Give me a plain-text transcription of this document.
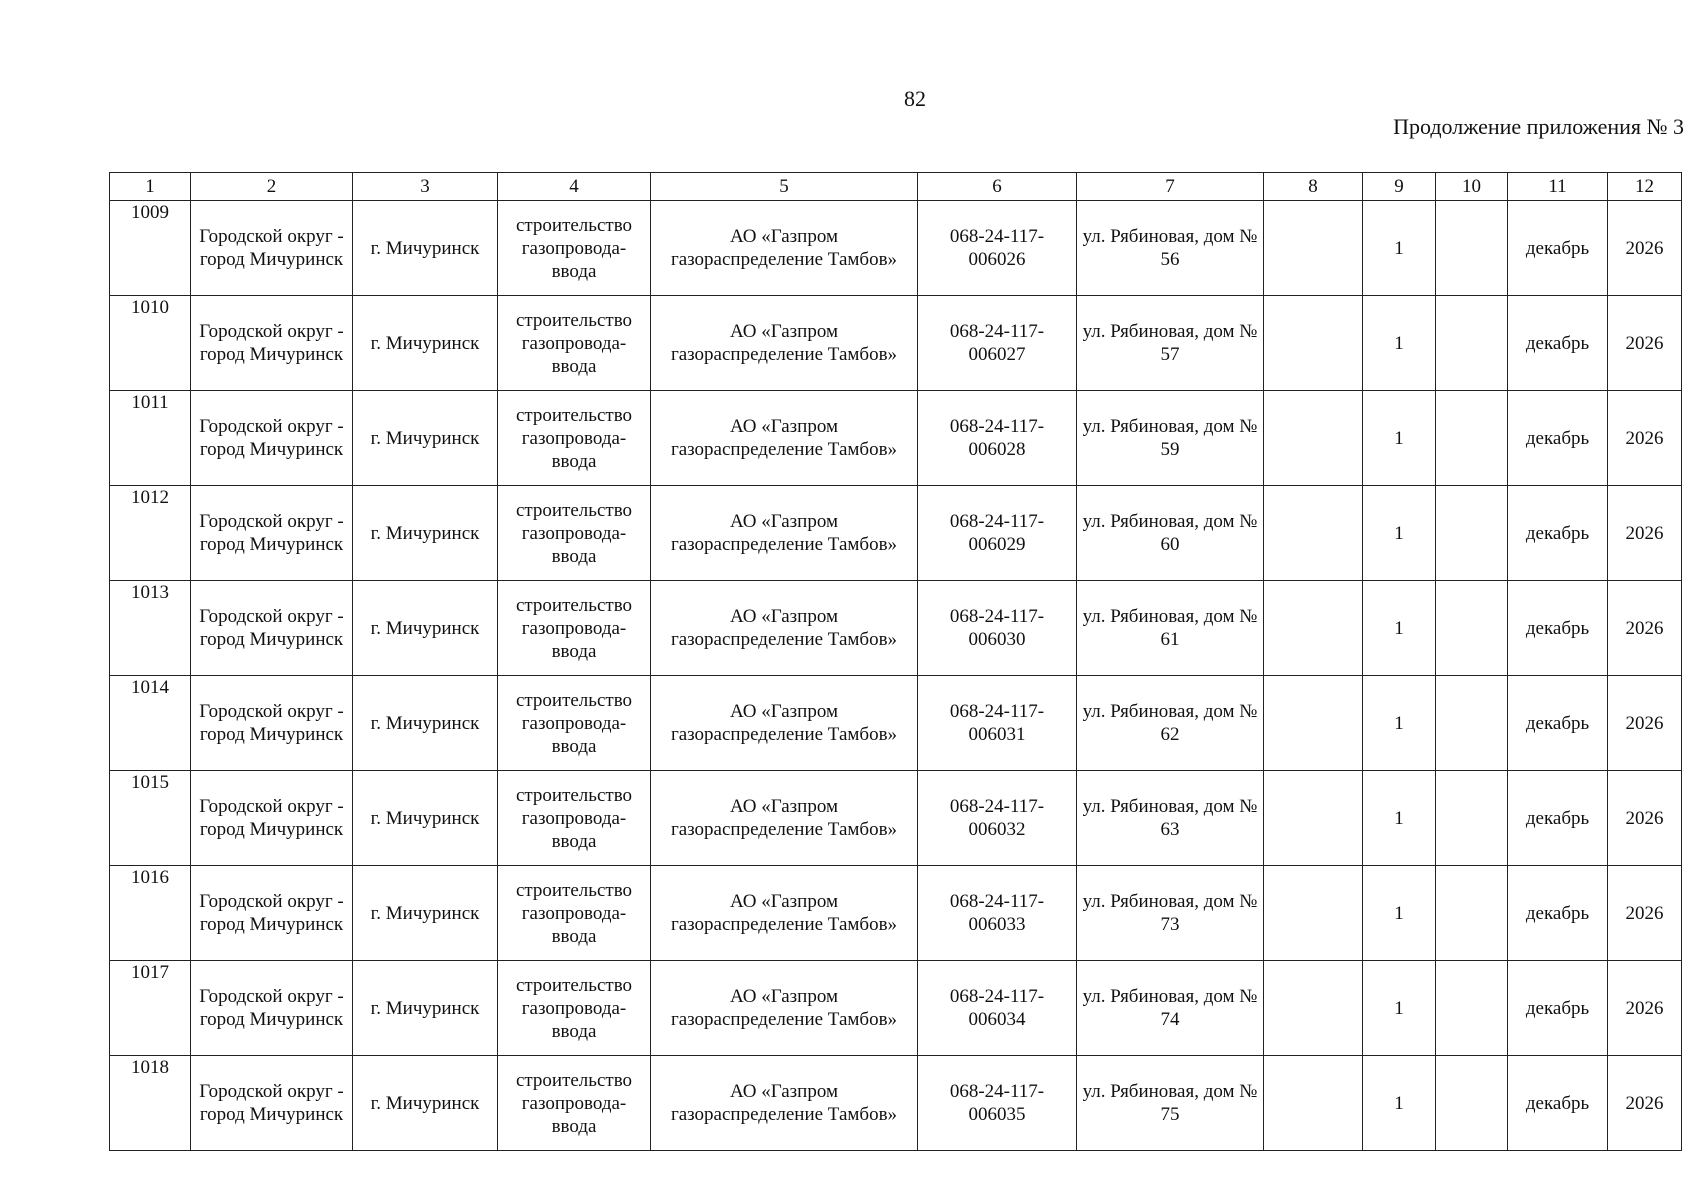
82
Продолжение приложения № 3
1	2	3	4	5	6	7	8	9	10	11	12
1009	Городской округ - город Мичуринск	г. Мичуринск	строительство газопровода-ввода	АО «Газпром газораспределение Тамбов»	068-24-117-006026	ул. Рябиновая, дом № 56		1		декабрь	2026
1010	Городской округ - город Мичуринск	г. Мичуринск	строительство газопровода-ввода	АО «Газпром газораспределение Тамбов»	068-24-117-006027	ул. Рябиновая, дом № 57		1		декабрь	2026
1011	Городской округ - город Мичуринск	г. Мичуринск	строительство газопровода-ввода	АО «Газпром газораспределение Тамбов»	068-24-117-006028	ул. Рябиновая, дом № 59		1		декабрь	2026
1012	Городской округ - город Мичуринск	г. Мичуринск	строительство газопровода-ввода	АО «Газпром газораспределение Тамбов»	068-24-117-006029	ул. Рябиновая, дом № 60		1		декабрь	2026
1013	Городской округ - город Мичуринск	г. Мичуринск	строительство газопровода-ввода	АО «Газпром газораспределение Тамбов»	068-24-117-006030	ул. Рябиновая, дом № 61		1		декабрь	2026
1014	Городской округ - город Мичуринск	г. Мичуринск	строительство газопровода-ввода	АО «Газпром газораспределение Тамбов»	068-24-117-006031	ул. Рябиновая, дом № 62		1		декабрь	2026
1015	Городской округ - город Мичуринск	г. Мичуринск	строительство газопровода-ввода	АО «Газпром газораспределение Тамбов»	068-24-117-006032	ул. Рябиновая, дом № 63		1		декабрь	2026
1016	Городской округ - город Мичуринск	г. Мичуринск	строительство газопровода-ввода	АО «Газпром газораспределение Тамбов»	068-24-117-006033	ул. Рябиновая, дом № 73		1		декабрь	2026
1017	Городской округ - город Мичуринск	г. Мичуринск	строительство газопровода-ввода	АО «Газпром газораспределение Тамбов»	068-24-117-006034	ул. Рябиновая, дом № 74		1		декабрь	2026
1018	Городской округ - город Мичуринск	г. Мичуринск	строительство газопровода-ввода	АО «Газпром газораспределение Тамбов»	068-24-117-006035	ул. Рябиновая, дом № 75		1		декабрь	2026
